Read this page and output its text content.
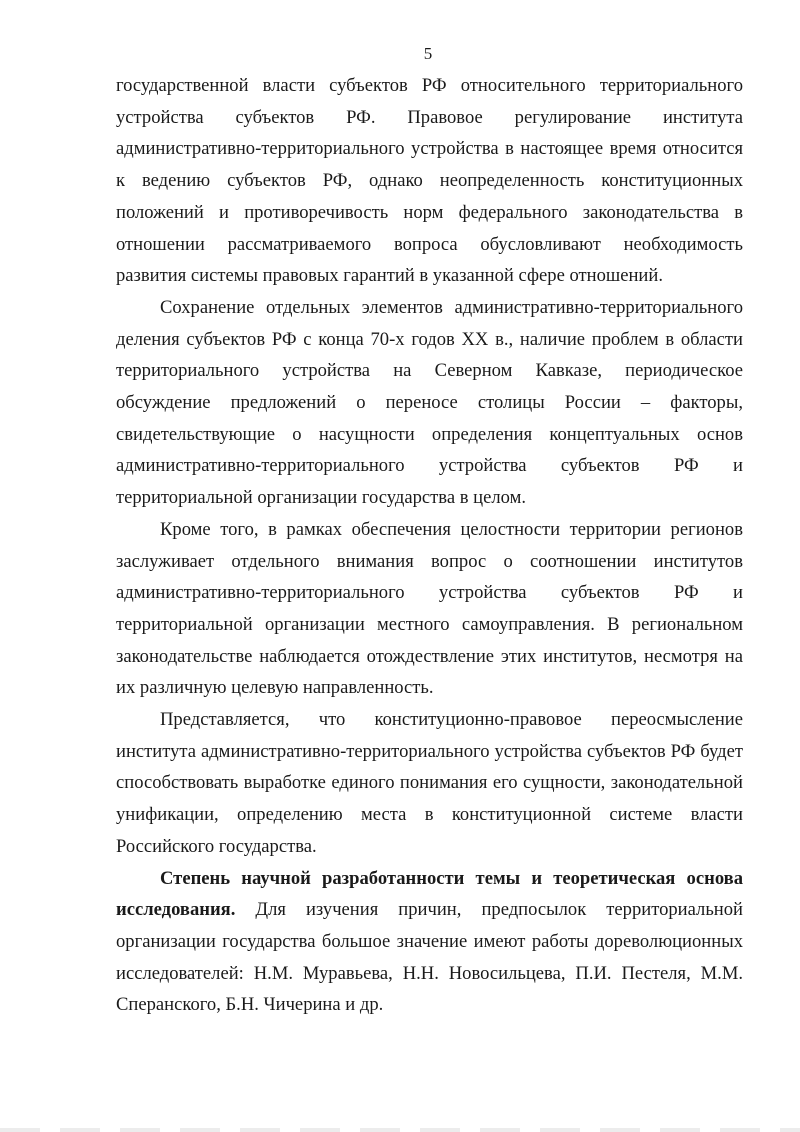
5

государственной власти субъектов РФ относительного территориального устройства субъектов РФ. Правовое регулирование института административно-территориального устройства в настоящее время относится к ведению субъектов РФ, однако неопределенность конституционных положений и противоречивость норм федерального законодательства в отношении рассматриваемого вопроса обусловливают необходимость развития системы правовых гарантий в указанной сфере отношений.

Сохранение отдельных элементов административно-территориального деления субъектов РФ с конца 70-х годов XX в., наличие проблем в области территориального устройства на Северном Кавказе, периодическое обсуждение предложений о переносе столицы России – факторы, свидетельствующие о насущности определения концептуальных основ административно-территориального устройства субъектов РФ и территориальной организации государства в целом.

Кроме того, в рамках обеспечения целостности территории регионов заслуживает отдельного внимания вопрос о соотношении институтов административно-территориального устройства субъектов РФ и территориальной организации местного самоуправления. В региональном законодательстве наблюдается отождествление этих институтов, несмотря на их различную целевую направленность.

Представляется, что конституционно-правовое переосмысление института административно-территориального устройства субъектов РФ будет способствовать выработке единого понимания его сущности, законодательной унификации, определению места в конституционной системе власти Российского государства.

Степень научной разработанности темы и теоретическая основа исследования. Для изучения причин, предпосылок территориальной организации государства большое значение имеют работы дореволюционных исследователей: Н.М. Муравьева, Н.Н. Новосильцева, П.И. Пестеля, М.М. Сперанского, Б.Н. Чичерина и др.
